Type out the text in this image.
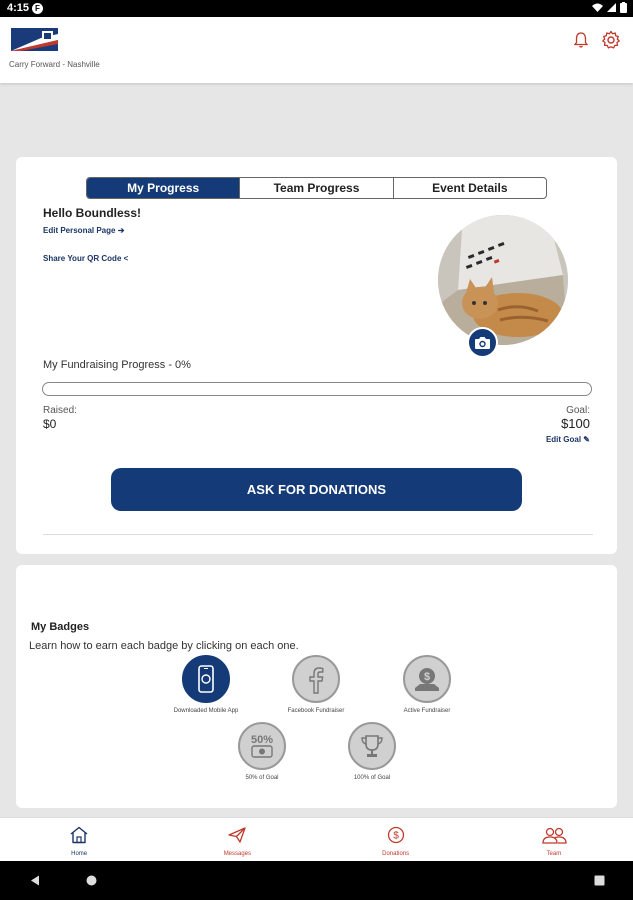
4:15 F
Carry Forward - Nashville
My Progress	Team Progress	Event Details
Hello Boundless!
Edit Personal Page ➔
Share Your QR Code <
My Fundraising Progress - 0%
Raised:
$0
Goal:
$100
Edit Goal ✎
ASK FOR DONATIONS
My Badges
Learn how to earn each badge by clicking on each one.
Downloaded Mobile App	Facebook Fundraiser
$
Active Fundraiser
50%
50% of Goal	100% of Goal
Home	Messages
$
Donations	Team
